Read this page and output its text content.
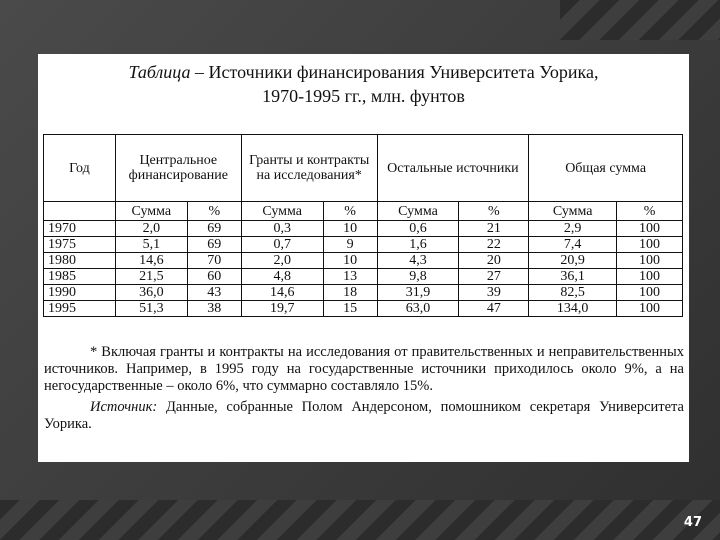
Таблица – Источники финансирования Университета Уорика,
1970-1995 гг., млн. фунтов
Год	Центральное финансирование		Гранты и контракты на исследования*		Остальные источники		Общая сумма	
	Сумма	%	Сумма	%	Сумма	%	Сумма	%
1970	2,0	69	0,3	10	0,6	21	2,9	100
1975	5,1	69	0,7	9	1,6	22	7,4	100
1980	14,6	70	2,0	10	4,3	20	20,9	100
1985	21,5	60	4,8	13	9,8	27	36,1	100
1990	36,0	43	14,6	18	31,9	39	82,5	100
1995	51,3	38	19,7	15	63,0	47	134,0	100

* Включая гранты и контракты на исследования от правительственных и неправительственных источников. Например, в 1995 году на государственные источники приходилось около 9%, а на негосударственные – около 6%, что суммарно составляло 15%.

Источник: Данные, собранные Полом Андерсоном, помошником секретаря Университета Уорика.

47
